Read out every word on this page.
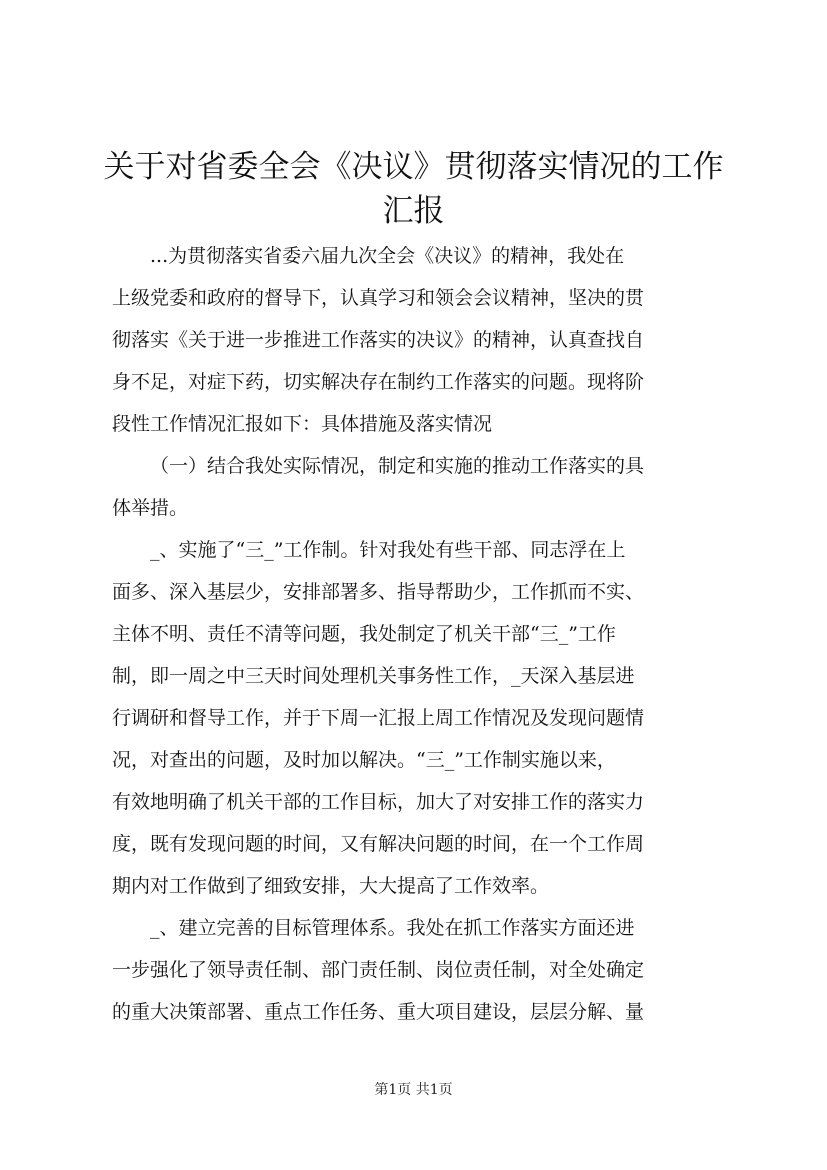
关于对省委全会《决议》贯彻落实情况的工作
汇报
...为贯彻落实省委六届九次全会《决议》的精神，我处在
上级党委和政府的督导下，认真学习和领会会议精神，坚决的贯
彻落实《关于进一步推进工作落实的决议》的精神，认真查找自
身不足，对症下药，切实解决存在制约工作落实的问题。现将阶
段性工作情况汇报如下：具体措施及落实情况
（一）结合我处实际情况，制定和实施的推动工作落实的具
体举措。
_、实施了“三_”工作制。针对我处有些干部、同志浮在上
面多、深入基层少，安排部署多、指导帮助少，工作抓而不实、
主体不明、责任不清等问题，我处制定了机关干部“三_”工作
制，即一周之中三天时间处理机关事务性工作，_天深入基层进
行调研和督导工作，并于下周一汇报上周工作情况及发现问题情
况，对查出的问题，及时加以解决。“三_”工作制实施以来，
有效地明确了机关干部的工作目标，加大了对安排工作的落实力
度，既有发现问题的时间，又有解决问题的时间，在一个工作周
期内对工作做到了细致安排，大大提高了工作效率。
_、建立完善的目标管理体系。我处在抓工作落实方面还进
一步强化了领导责任制、部门责任制、岗位责任制，对全处确定
的重大决策部署、重点工作任务、重大项目建设，层层分解、量
第1页 共1页
